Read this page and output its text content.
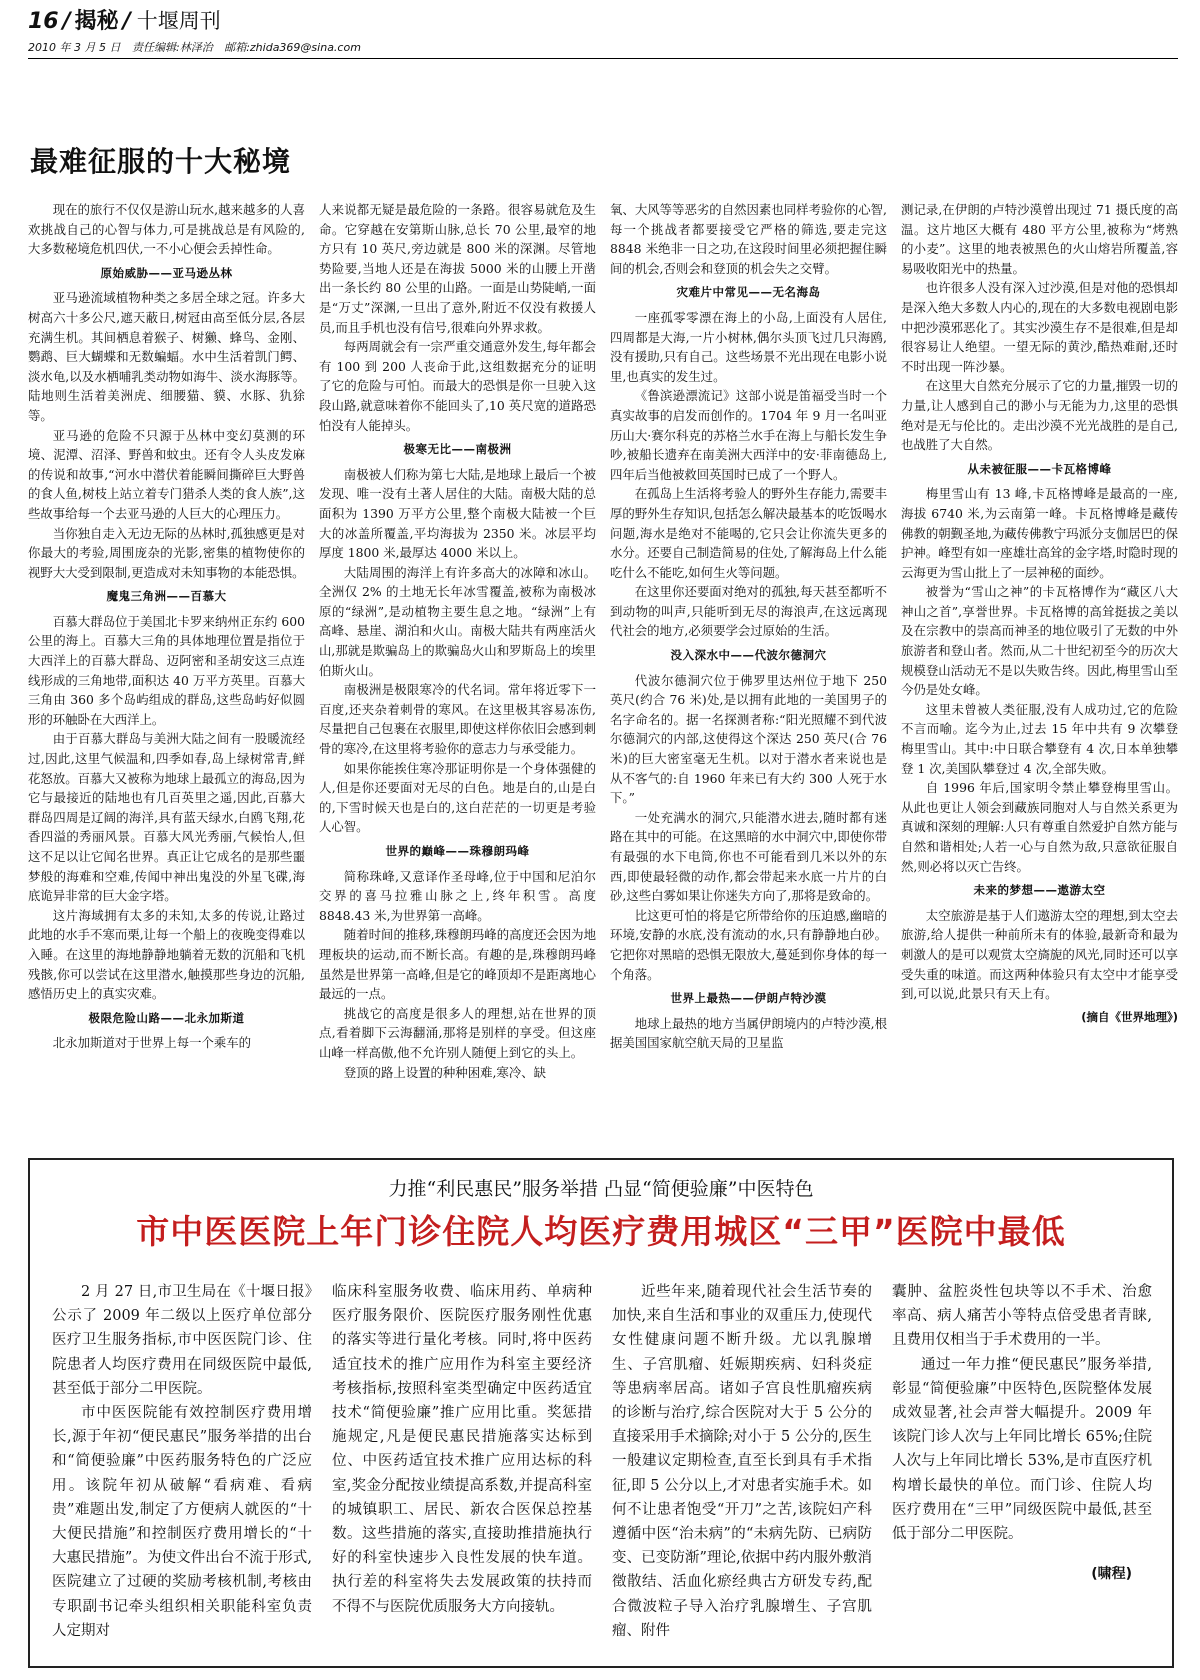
16 / 揭秘 / 十堰周刊
2010 年 3 月 5 日 责任编辑:林泽治 邮箱:zhida369@sina.com
最难征服的十大秘境

现在的旅行不仅仅是游山玩水,越来越多的人喜欢挑战自己的心智与体力,可是挑战总是有风险的,大多数秘境危机四伏,一不小心便会丢掉性命。

原始威胁——亚马逊丛林

亚马逊流域植物种类之多居全球之冠。许多大树高六十多公尺,遮天蔽日,树冠由高至低分层,各层充满生机。其间栖息着猴子、树獭、蜂鸟、金刚、鹦鹉、巨大蝴蝶和无数蝙蝠。水中生活着凯门鳄、淡水龟,以及水栖哺乳类动物如海牛、淡水海豚等。陆地则生活着美洲虎、细腰猫、貘、水豚、犰狳等。

亚马逊的危险不只源于丛林中变幻莫测的环境、泥潭、沼泽、野兽和蚊虫。还有令人头皮发麻的传说和故事,“河水中潜伏着能瞬间撕碎巨大野兽的食人鱼,树枝上站立着专门猎杀人类的食人族”,这些故事给每一个去亚马逊的人巨大的心理压力。

当你独自走入无边无际的丛林时,孤独感更是对你最大的考验,周围庞杂的光影,密集的植物使你的视野大大受到限制,更造成对未知事物的本能恐惧。

魔鬼三角洲——百慕大

百慕大群岛位于美国北卡罗来纳州正东约 600 公里的海上。百慕大三角的具体地理位置是指位于大西洋上的百慕大群岛、迈阿密和圣胡安这三点连线形成的三角地带,面积达 40 万平方英里。百慕大三角由 360 多个岛屿组成的群岛,这些岛屿好似圆形的环触卧在大西洋上。

由于百慕大群岛与美洲大陆之间有一股暖流经过,因此,这里气候温和,四季如春,岛上绿树常青,鲜花怒放。百慕大又被称为地球上最孤立的海岛,因为它与最接近的陆地也有几百英里之遥,因此,百慕大群岛四周是辽阔的海洋,具有蓝天绿水,白鸥飞翔,花香四溢的秀丽风景。百慕大风光秀丽,气候怡人,但这不足以让它闻名世界。真正让它成名的是那些噩梦般的海难和空难,传闻中神出鬼没的外星飞碟,海底诡异非常的巨大金字塔。

这片海域拥有太多的未知,太多的传说,让路过此地的水手不寒而栗,让每一个船上的夜晚变得难以入睡。在这里的海地静静地躺着无数的沉船和飞机残骸,你可以尝试在这里潜水,触摸那些身边的沉船,感悟历史上的真实灾难。

极限危险山路——北永加斯道

北永加斯道对于世界上每一个乘车的

人来说都无疑是最危险的一条路。很容易就危及生命。它穿越在安第斯山脉,总长 70 公里,最窄的地方只有 10 英尺,旁边就是 800 米的深渊。尽管地势险要,当地人还是在海拔 5000 米的山腰上开凿出一条长约 80 公里的山路。一面是山势陡峭,一面是“万丈”深渊,一旦出了意外,附近不仅没有救援人员,而且手机也没有信号,很难向外界求救。

每两周就会有一宗严重交通意外发生,每年都会有 100 到 200 人丧命于此,这组数据充分的证明了它的危险与可怕。而最大的恐惧是你一旦驶入这段山路,就意味着你不能回头了,10 英尺宽的道路恐怕没有人能掉头。

极寒无比——南极洲

南极被人们称为第七大陆,是地球上最后一个被发现、唯一没有土著人居住的大陆。南极大陆的总面积为 1390 万平方公里,整个南极大陆被一个巨大的冰盖所覆盖,平均海拔为 2350 米。冰层平均厚度 1800 米,最厚达 4000 米以上。

大陆周围的海洋上有许多高大的冰障和冰山。全洲仅 2% 的土地无长年冰雪覆盖,被称为南极冰原的“绿洲”,是动植物主要生息之地。“绿洲”上有高峰、悬崖、湖泊和火山。南极大陆共有两座活火山,那就是欺骗岛上的欺骗岛火山和罗斯岛上的埃里伯斯火山。

南极洲是极限寒冷的代名词。常年将近零下一百度,还夹杂着刺骨的寒风。在这里极其容易冻伤,尽量把自己包裹在衣服里,即使这样你依旧会感到刺骨的寒冷,在这里将考验你的意志力与承受能力。

如果你能挨住寒冷那证明你是一个身体强健的人,但是你还要面对无尽的白色。地是白的,山是白的,下雪时候天也是白的,这白茫茫的一切更是考验人心智。

世界的巅峰——珠穆朗玛峰

简称珠峰,又意译作圣母峰,位于中国和尼泊尔交界的喜马拉雅山脉之上,终年积雪。高度 8848.43 米,为世界第一高峰。

随着时间的推移,珠穆朗玛峰的高度还会因为地理板块的运动,而不断长高。有趣的是,珠穆朗玛峰虽然是世界第一高峰,但是它的峰顶却不是距离地心最远的一点。

挑战它的高度是很多人的理想,站在世界的顶点,看着脚下云海翻涌,那将是别样的享受。但这座山峰一样高傲,他不允许别人随便上到它的头上。

登顶的路上设置的种种困难,寒冷、缺

氧、大风等等恶劣的自然因素也同样考验你的心智,每一个挑战者都要接受它严格的筛选,要走完这 8848 米绝非一日之功,在这段时间里必须把握住瞬间的机会,否则会和登顶的机会失之交臂。

灾难片中常见——无名海岛

一座孤零零漂在海上的小岛,上面没有人居住,四周都是大海,一片小树林,偶尔头顶飞过几只海鸥,没有援助,只有自己。这些场景不光出现在电影小说里,也真实的发生过。

《鲁滨逊漂流记》这部小说是笛福受当时一个真实故事的启发而创作的。1704 年 9 月一名叫亚历山大·赛尔科克的苏格兰水手在海上与船长发生争吵,被船长遗弃在南美洲大西洋中的安·菲南德岛上,四年后当他被救回英国时已成了一个野人。

在孤岛上生活将考验人的野外生存能力,需要丰厚的野外生存知识,包括怎么解决最基本的吃饭喝水问题,海水是绝对不能喝的,它只会让你流失更多的水分。还要自己制造简易的住处,了解海岛上什么能吃什么不能吃,如何生火等问题。

在这里你还要面对绝对的孤独,每天甚至都听不到动物的叫声,只能听到无尽的海浪声,在这远离现代社会的地方,必须要学会过原始的生活。

没入深水中——代波尔德洞穴

代波尔德洞穴位于佛罗里达州位于地下 250 英尺(约合 76 米)处,是以拥有此地的一美国男子的名字命名的。据一名探测者称:“阳光照耀不到代波尔德洞穴的内部,这使得这个深达 250 英尺(合 76 米)的巨大密室毫无生机。以对于潜水者来说也是从不客气的:自 1960 年来已有大约 300 人死于水下。”

一处充满水的洞穴,只能潜水进去,随时都有迷路在其中的可能。在这黑暗的水中洞穴中,即使你带有最强的水下电筒,你也不可能看到几米以外的东西,即使最轻微的动作,都会带起来水底一片片的白砂,这些白雾如果让你迷失方向了,那将是致命的。

比这更可怕的将是它所带给你的压迫感,幽暗的环境,安静的水底,没有流动的水,只有静静地白砂。它把你对黑暗的恐惧无限放大,蔓延到你身体的每一个角落。

世界上最热——伊朗卢特沙漠

地球上最热的地方当属伊朗境内的卢特沙漠,根据美国国家航空航天局的卫星监

测记录,在伊朗的卢特沙漠曾出现过 71 摄氏度的高温。这片地区大概有 480 平方公里,被称为“烤熟的小麦”。这里的地表被黑色的火山熔岩所覆盖,容易吸收阳光中的热量。

也许很多人没有深入过沙漠,但是对他的恐惧却是深入绝大多数人内心的,现在的大多数电视剧电影中把沙漠邪恶化了。其实沙漠生存不是很难,但是却很容易让人绝望。一望无际的黄沙,酷热难耐,还时不时出现一阵沙暴。

在这里大自然充分展示了它的力量,摧毁一切的力量,让人感到自己的渺小与无能为力,这里的恐惧绝对是无与伦比的。走出沙漠不光光战胜的是自己,也战胜了大自然。

从未被征服——卡瓦格博峰

梅里雪山有 13 峰,卡瓦格博峰是最高的一座,海拔 6740 米,为云南第一峰。卡瓦格博峰是藏传佛教的朝觐圣地,为藏传佛教宁玛派分支伽居巴的保护神。峰型有如一座雄壮高耸的金字塔,时隐时现的云海更为雪山批上了一层神秘的面纱。

被誉为“雪山之神”的卡瓦格博作为“藏区八大神山之首”,享誉世界。卡瓦格博的高耸挺拔之美以及在宗教中的崇高而神圣的地位吸引了无数的中外旅游者和登山者。然而,从二十世纪初至今的历次大规模登山活动无不是以失败告终。因此,梅里雪山至今仍是处女峰。

这里未曾被人类征服,没有人成功过,它的危险不言而喻。迄今为止,过去 15 年中共有 9 次攀登梅里雪山。其中:中日联合攀登有 4 次,日本单独攀登 1 次,美国队攀登过 4 次,全部失败。

自 1996 年后,国家明令禁止攀登梅里雪山。从此也更让人领会到藏族同胞对人与自然关系更为真诚和深刻的理解:人只有尊重自然爱护自然方能与自然和谐相处;人若一心与自然为敌,只意欲征服自然,则必将以灭亡告终。

未来的梦想——遨游太空

太空旅游是基于人们遨游太空的理想,到太空去旅游,给人提供一种前所未有的体验,最新奇和最为刺激人的是可以观赏太空旖旎的风光,同时还可以享受失重的味道。而这两种体验只有太空中才能享受到,可以说,此景只有天上有。

(摘自《世界地理》)
力推“利民惠民”服务举措 凸显“简便验廉”中医特色
市中医医院上年门诊住院人均医疗费用城区“三甲”医院中最低

2 月 27 日,市卫生局在《十堰日报》公示了 2009 年二级以上医疗单位部分医疗卫生服务指标,市中医医院门诊、住院患者人均医疗费用在同级医院中最低,甚至低于部分二甲医院。

市中医医院能有效控制医疗费用增长,源于年初“便民惠民”服务举措的出台和“简便验廉”中医药服务特色的广泛应用。该院年初从破解“看病难、看病贵”难题出发,制定了方便病人就医的“十大便民措施”和控制医疗费用增长的“十大惠民措施”。为使文件出台不流于形式,医院建立了过硬的奖励考核机制,考核由专职副书记牵头组织相关职能科室负责人定期对

临床科室服务收费、临床用药、单病种医疗服务限价、医院医疗服务刚性优惠的落实等进行量化考核。同时,将中医药适宜技术的推广应用作为科室主要经济考核指标,按照科室类型确定中医药适宜技术“简便验廉”推广应用比重。奖惩措施规定,凡是便民惠民措施落实达标到位、中医药适宜技术推广应用达标的科室,奖金分配按业绩提高系数,并提高科室的城镇职工、居民、新农合医保总控基数。这些措施的落实,直接助推措施执行好的科室快速步入良性发展的快车道。执行差的科室将失去发展政策的扶持而不得不与医院优质服务大方向接轨。

近些年来,随着现代社会生活节奏的加快,来自生活和事业的双重压力,使现代女性健康问题不断升级。尤以乳腺增生、子宫肌瘤、妊娠期疾病、妇科炎症等患病率居高。诸如子宫良性肌瘤疾病的诊断与治疗,综合医院对大于 5 公分的直接采用手术摘除;对小于 5 公分的,医生一般建议定期检查,直至长到具有手术指征,即 5 公分以上,才对患者实施手术。如何不让患者饱受“开刀”之苦,该院妇产科遵循中医“治未病”的“未病先防、已病防变、已变防渐”理论,依据中药内服外敷消徵散结、活血化瘀经典古方研发专药,配合微波粒子导入治疗乳腺增生、子宫肌瘤、附件

囊肿、盆腔炎性包块等以不手术、治愈率高、病人痛苦小等特点倍受患者青睐,且费用仅相当于手术费用的一半。

通过一年力推“便民惠民”服务举措,彰显“简便验廉”中医特色,医院整体发展成效显著,社会声誉大幅提升。2009 年该院门诊人次与上年同比增长 65%;住院人次与上年同比增长 53%,是市直医疗机构增长最快的单位。而门诊、住院人均医疗费用在“三甲”同级医院中最低,甚至低于部分二甲医院。

(啸程)
